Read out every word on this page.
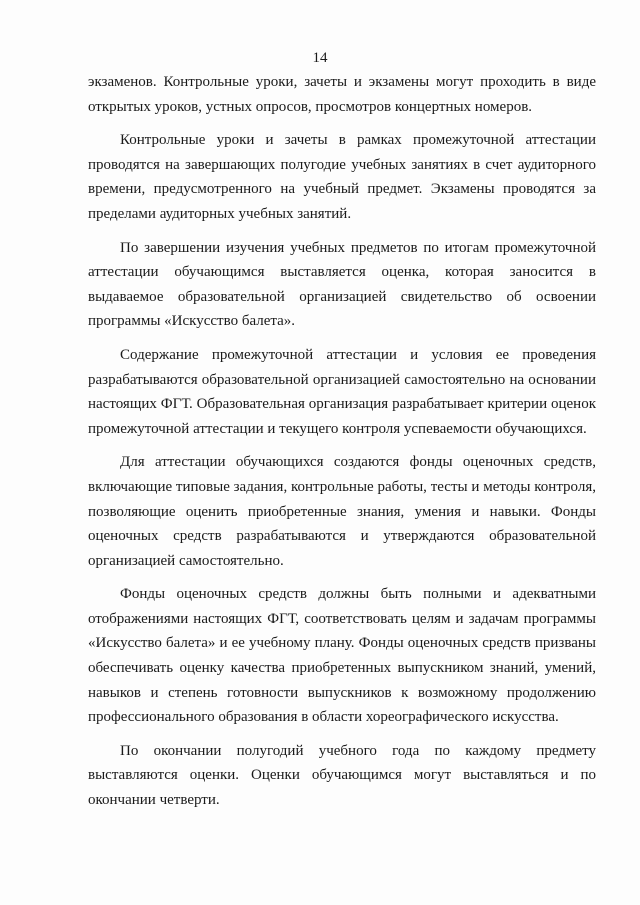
14

экзаменов. Контрольные уроки, зачеты и экзамены могут проходить в виде открытых уроков, устных опросов, просмотров концертных номеров.

Контрольные уроки и зачеты в рамках промежуточной аттестации проводятся на завершающих полугодие учебных занятиях в счет аудиторного времени, предусмотренного на учебный предмет. Экзамены проводятся за пределами аудиторных учебных занятий.

По завершении изучения учебных предметов по итогам промежуточной аттестации обучающимся выставляется оценка, которая заносится в выдаваемое образовательной организацией свидетельство об освоении программы «Искусство балета».

Содержание промежуточной аттестации и условия ее проведения разрабатываются образовательной организацией самостоятельно на основании настоящих ФГТ. Образовательная организация разрабатывает критерии оценок промежуточной аттестации и текущего контроля успеваемости обучающихся.

Для аттестации обучающихся создаются фонды оценочных средств, включающие типовые задания, контрольные работы, тесты и методы контроля, позволяющие оценить приобретенные знания, умения и навыки. Фонды оценочных средств разрабатываются и утверждаются образовательной организацией самостоятельно.

Фонды оценочных средств должны быть полными и адекватными отображениями настоящих ФГТ, соответствовать целям и задачам программы «Искусство балета» и ее учебному плану. Фонды оценочных средств призваны обеспечивать оценку качества приобретенных выпускником знаний, умений, навыков и степень готовности выпускников к возможному продолжению профессионального образования в области хореографического искусства.

По окончании полугодий учебного года по каждому предмету выставляются оценки. Оценки обучающимся могут выставляться и по окончании четверти.
